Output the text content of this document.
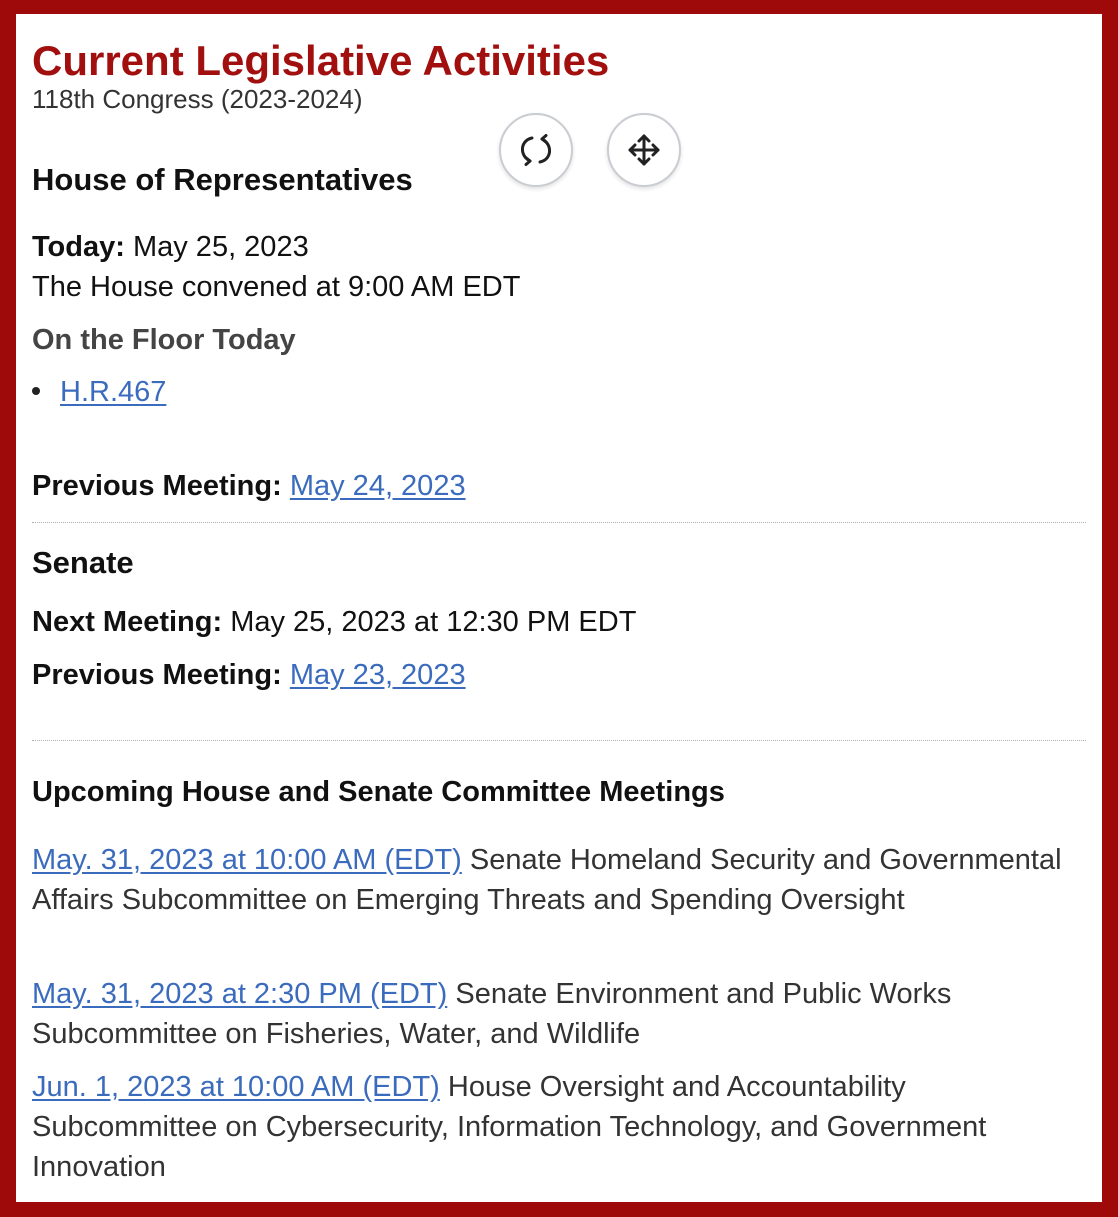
Current Legislative Activities
118th Congress (2023-2024)
House of Representatives
Today: May 25, 2023
The House convened at 9:00 AM EDT
On the Floor Today
H.R.467
Previous Meeting: May 24, 2023
Senate
Next Meeting: May 25, 2023 at 12:30 PM EDT
Previous Meeting: May 23, 2023
Upcoming House and Senate Committee Meetings
May. 31, 2023 at 10:00 AM (EDT) Senate Homeland Security and Governmental Affairs Subcommittee on Emerging Threats and Spending Oversight
May. 31, 2023 at 2:30 PM (EDT) Senate Environment and Public Works Subcommittee on Fisheries, Water, and Wildlife
Jun. 1, 2023 at 10:00 AM (EDT) House Oversight and Accountability Subcommittee on Cybersecurity, Information Technology, and Government Innovation
